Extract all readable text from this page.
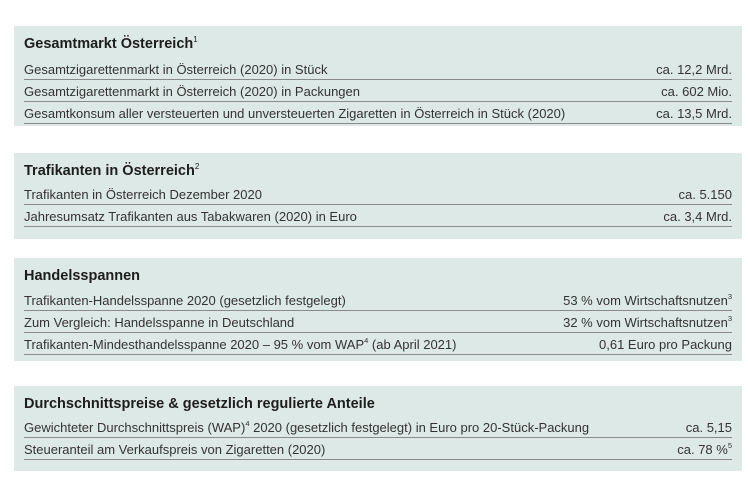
Gesamtmarkt Österreich$^1$
Gesamtzigarettenmarkt in Österreich (2020) in Stück	ca. 12,2 Mrd.
Gesamtzigarettenmarkt in Österreich (2020) in Packungen	ca. 602 Mio.
Gesamtkonsum aller versteuerten und unversteuerten Zigaretten in Österreich in Stück (2020)	ca. 13,5 Mrd.
Trafikanten in Österreich$^2$
Trafikanten in Österreich Dezember 2020	ca. 5.150
Jahresumsatz Trafikanten aus Tabakwaren (2020) in Euro	ca. 3,4 Mrd.
Handelsspannen
Trafikanten-Handelsspanne 2020 (gesetzlich festgelegt)	53 % vom Wirtschaftsnutzen$^3$
Zum Vergleich: Handelsspanne in Deutschland	32 % vom Wirtschaftsnutzen$^3$
Trafikanten-Mindesthandelsspanne 2020 – 95 % vom WAP$^4$ (ab April 2021)	0,61 Euro pro Packung
Durchschnittspreise & gesetzlich regulierte Anteile
Gewichteter Durchschnittspreis (WAP)$^4$ 2020 (gesetzlich festgelegt) in Euro pro 20-Stück-Packung	ca. 5,15
Steueranteil am Verkaufspreis von Zigaretten (2020)	ca. 78 %$^5$
